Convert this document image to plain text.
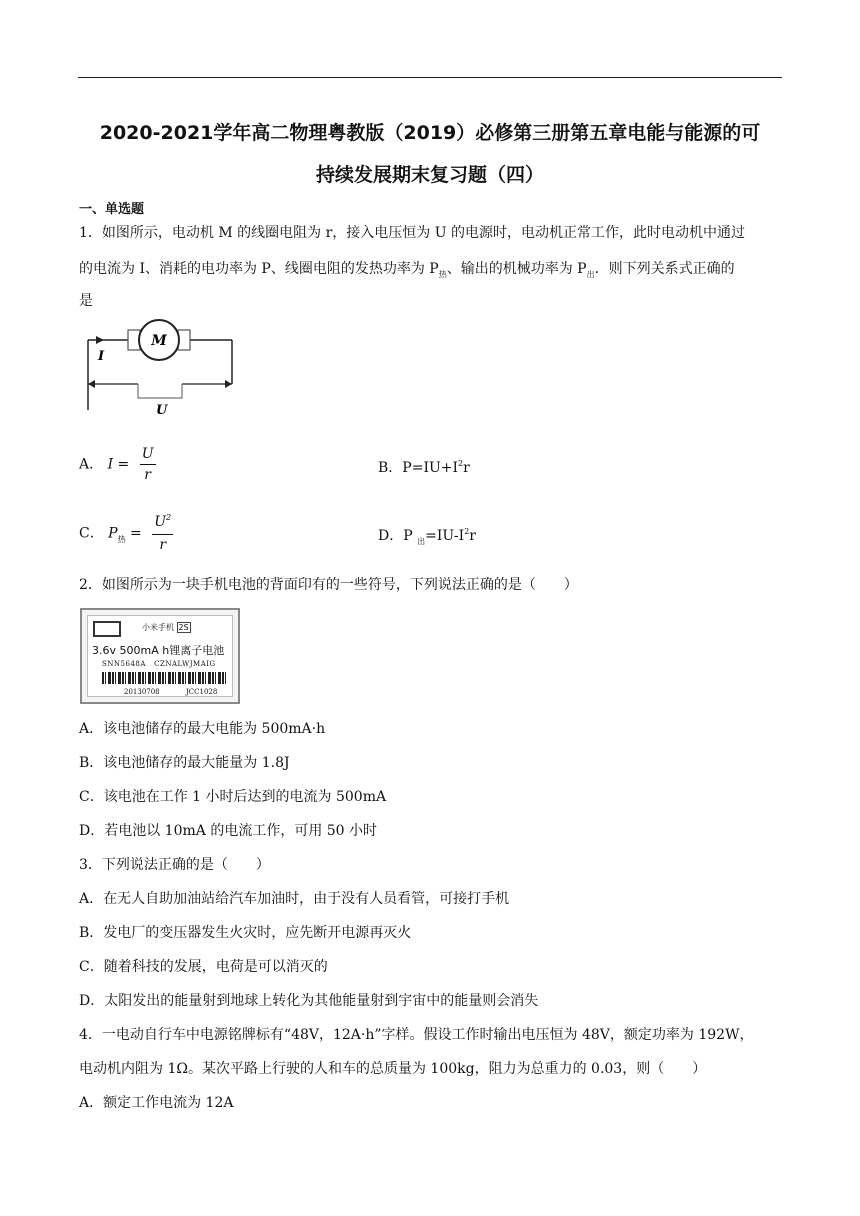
2020-2021学年高二物理粤教版（2019）必修第三册第五章电能与能源的可
持续发展期末复习题（四）
一、单选题
1．如图所示，电动机 M 的线圈电阻为 r，接入电压恒为 U 的电源时，电动机正常工作，此时电动机中通过
的电流为 I、消耗的电功率为 P、线圈电阻的发热功率为 $P_热$、输出的机械功率为 $P_出$．则下列关系式正确的
是
M
I
U
A． $I = \frac{U}{r}$	B．$P=IU+I^2r$
C． $P_热 = \frac{U^2}{r}$	D．P $_出=IU-I^2r$
2．如图所示为一块手机电池的背面印有的一些符号，下列说法正确的是（　　）
小米手机 2S
3.6v 500mA h锂离子电池
SNN5648A CZNALWJMAIG
20130708	JCC1028
A．该电池储存的最大电能为 500mA·h
B．该电池储存的最大能量为 1.8J
C．该电池在工作 1 小时后达到的电流为 500mA
D．若电池以 10mA 的电流工作，可用 50 小时
3．下列说法正确的是（　　）
A．在无人自助加油站给汽车加油时，由于没有人员看管，可接打手机
B．发电厂的变压器发生火灾时，应先断开电源再灭火
C．随着科技的发展，电荷是可以消灭的
D．太阳发出的能量射到地球上转化为其他能量射到宇宙中的能量则会消失
4．一电动自行车中电源铭牌标有“48V，12A·h”字样。假设工作时输出电压恒为 48V，额定功率为 192W，
电动机内阻为 1Ω。某次平路上行驶的人和车的总质量为 100kg，阻力为总重力的 0.03，则（　　）
A．额定工作电流为 12A
